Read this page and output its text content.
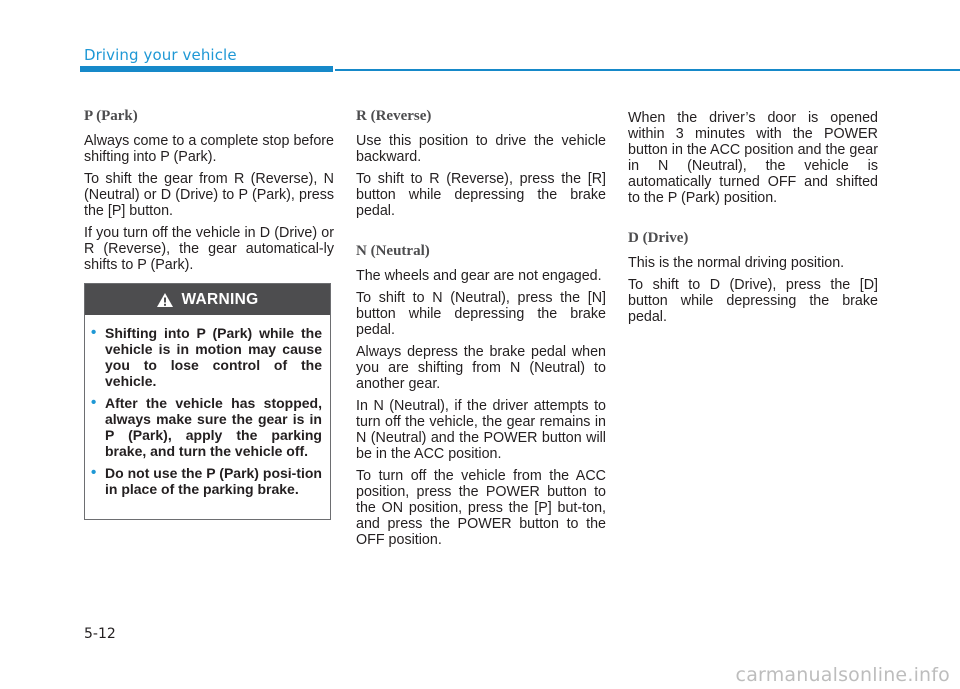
Driving your vehicle
P (Park)

Always come to a complete stop before shifting into P (Park).

To shift the gear from R (Reverse), N (Neutral) or D (Drive) to P (Park), press the [P] button.

If you turn off the vehicle in D (Drive) or R (Reverse), the gear automatical-ly shifts to P (Park).

WARNING
• Shifting into P (Park) while the vehicle is in motion may cause you to lose control of the vehicle.
• After the vehicle has stopped, always make sure the gear is in P (Park), apply the parking brake, and turn the vehicle off.
• Do not use the P (Park) posi-tion in place of the parking brake.
R (Reverse)

Use this position to drive the vehicle backward.

To shift to R (Reverse), press the [R] button while depressing the brake pedal.

N (Neutral)

The wheels and gear are not engaged.

To shift to N (Neutral), press the [N] button while depressing the brake pedal.

Always depress the brake pedal when you are shifting from N (Neutral) to another gear.

In N (Neutral), if the driver attempts to turn off the vehicle, the gear remains in N (Neutral) and the POWER button will be in the ACC position.

To turn off the vehicle from the ACC position, press the POWER button to the ON position, press the [P] but-ton, and press the POWER button to the OFF position.

When the driver’s door is opened within 3 minutes with the POWER button in the ACC position and the gear in N (Neutral), the vehicle is automatically turned OFF and shifted to the P (Park) position.

D (Drive)

This is the normal driving position.

To shift to D (Drive), press the [D] button while depressing the brake pedal.

5-12
carmanualsonline.info
